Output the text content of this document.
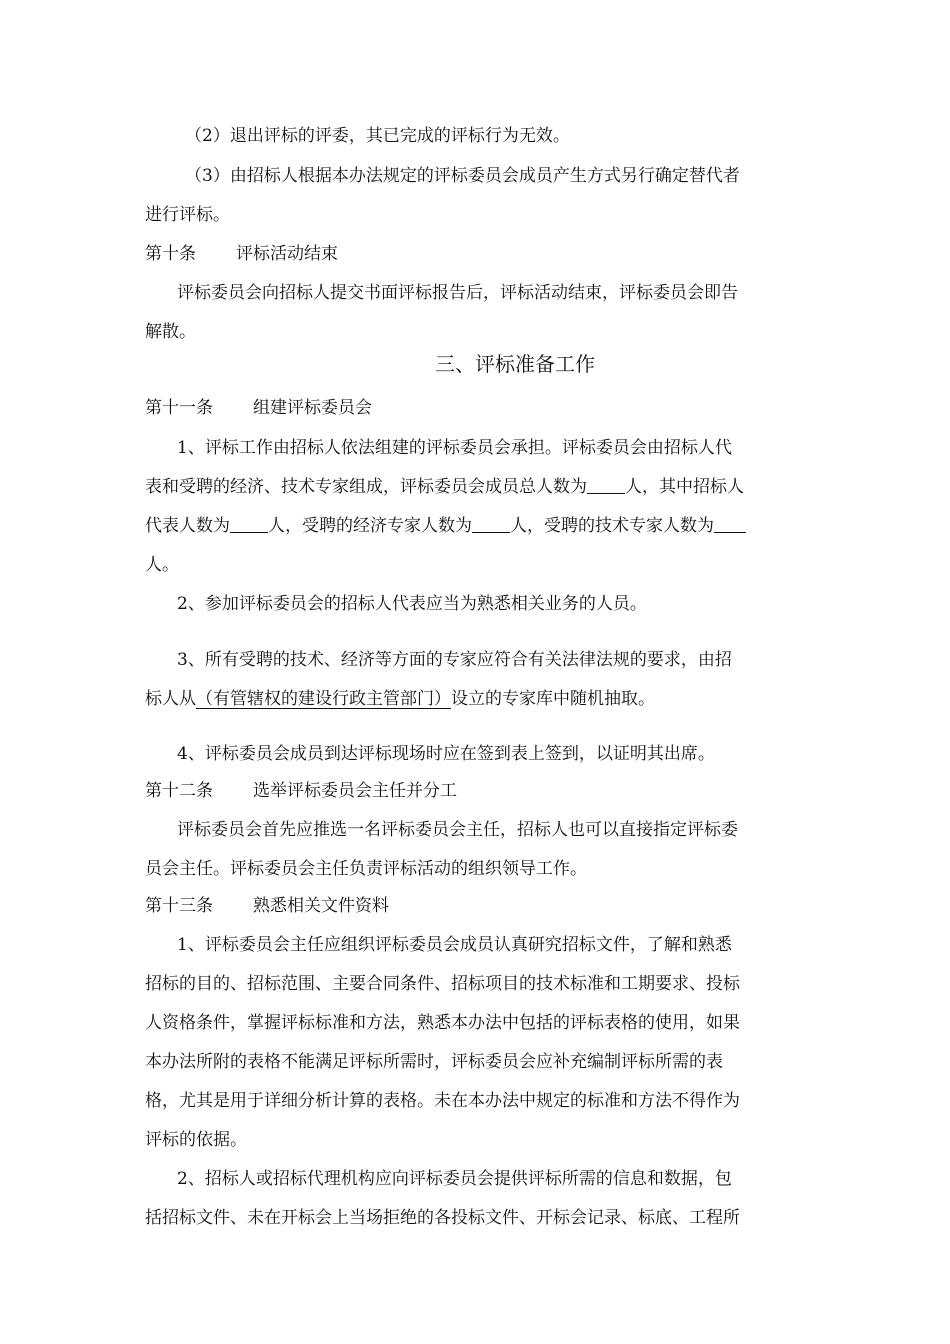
（2）退出评标的评委，其已完成的评标行为无效。
（3）由招标人根据本办法规定的评标委员会成员产生方式另行确定替代者
进行评标。
第十条 评标活动结束
评标委员会向招标人提交书面评标报告后，评标活动结束，评标委员会即告
解散。
三、评标准备工作
第十一条 组建评标委员会
1、评标工作由招标人依法组建的评标委员会承担。评标委员会由招标人代
表和受聘的经济、技术专家组成，评标委员会成员总人数为 人，其中招标人
代表人数为 人，受聘的经济专家人数为 人，受聘的技术专家人数为
人。
2、参加评标委员会的招标人代表应当为熟悉相关业务的人员。
3、所有受聘的技术、经济等方面的专家应符合有关法律法规的要求，由招
标人从（有管辖权的建设行政主管部门）设立的专家库中随机抽取。
4、评标委员会成员到达评标现场时应在签到表上签到，以证明其出席。
第十二条 选举评标委员会主任并分工
评标委员会首先应推选一名评标委员会主任，招标人也可以直接指定评标委
员会主任。评标委员会主任负责评标活动的组织领导工作。
第十三条 熟悉相关文件资料
1、评标委员会主任应组织评标委员会成员认真研究招标文件，了解和熟悉
招标的目的、招标范围、主要合同条件、招标项目的技术标准和工期要求、投标
人资格条件，掌握评标标准和方法，熟悉本办法中包括的评标表格的使用，如果
本办法所附的表格不能满足评标所需时，评标委员会应补充编制评标所需的表
格，尤其是用于详细分析计算的表格。未在本办法中规定的标准和方法不得作为
评标的依据。
2、招标人或招标代理机构应向评标委员会提供评标所需的信息和数据，包
括招标文件、未在开标会上当场拒绝的各投标文件、开标会记录、标底、工程所
